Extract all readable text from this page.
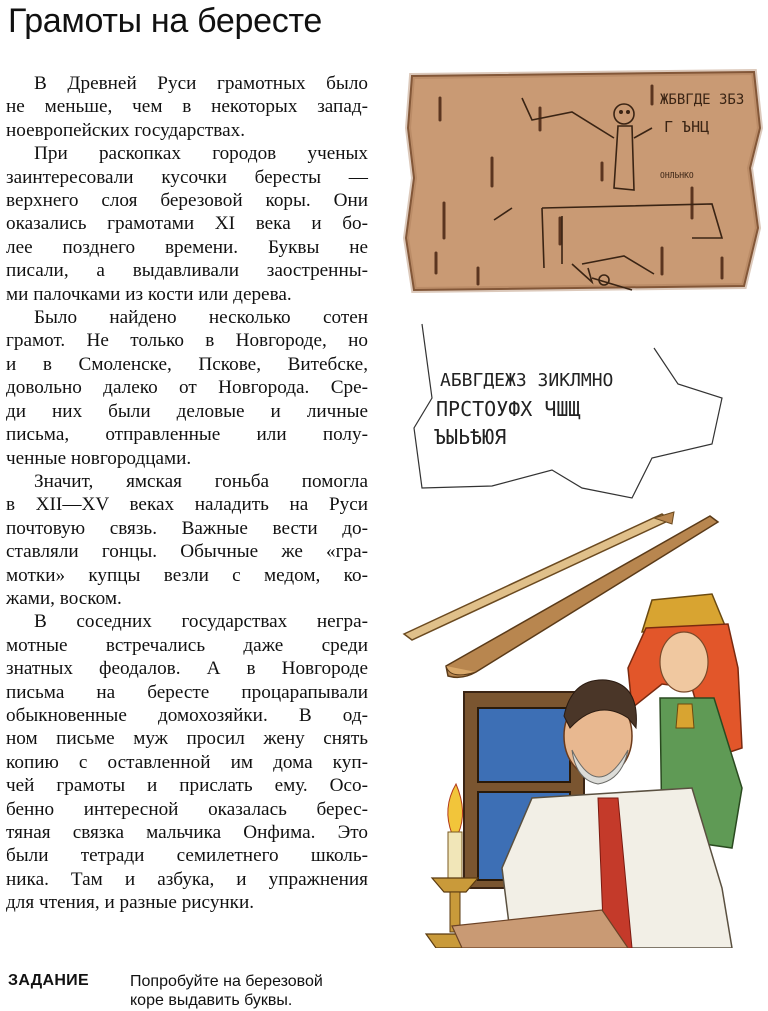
Грамоты на бересте

В Древней Руси грамотных было
не меньше, чем в некоторых запад-
ноевропейских государствах.

При раскопках городов ученых
заинтересовали кусочки бересты —
верхнего слоя березовой коры. Они
оказались грамотами XI века и бо-
лее позднего времени. Буквы не
писали, а выдавливали заостренны-
ми палочками из кости или дерева.

Было найдено несколько сотен
грамот. Не только в Новгороде, но
и в Смоленске, Пскове, Витебске,
довольно далеко от Новгорода. Сре-
ди них были деловые и личные
письма, отправленные или полу-
ченные новгородцами.

Значит, ямская гоньба помогла
в XII—XV веках наладить на Руси
почтовую связь. Важные вести до-
ставляли гонцы. Обычные же «гра-
мотки» купцы везли с медом, ко-
жами, воском.

В соседних государствах негра-
мотные встречались даже среди
знатных феодалов. А в Новгороде
письма на бересте процарапывали
обыкновенные домохозяйки. В од-
ном письме муж просил жену снять
копию с оставленной им дома куп-
чей грамоты и прислать ему. Осо-
бенно интересной оказалась берес-
тяная связка мальчика Онфима. Это
были тетради семилетнего школь-
ника. Там и азбука, и упражнения
для чтения, и разные рисунки.

ЗАДАНИЕ	Попробуйте на березовой
коре выдавить буквы.
ЖБВГДЕ ЗБЗ
Г ЪНЦ
ОНЛЬНКО
АБВГДЕЖЗ ЗИКЛМНО
ПРСТОУФХ ЧШЩ
ЪЫЬѢЮЯ
